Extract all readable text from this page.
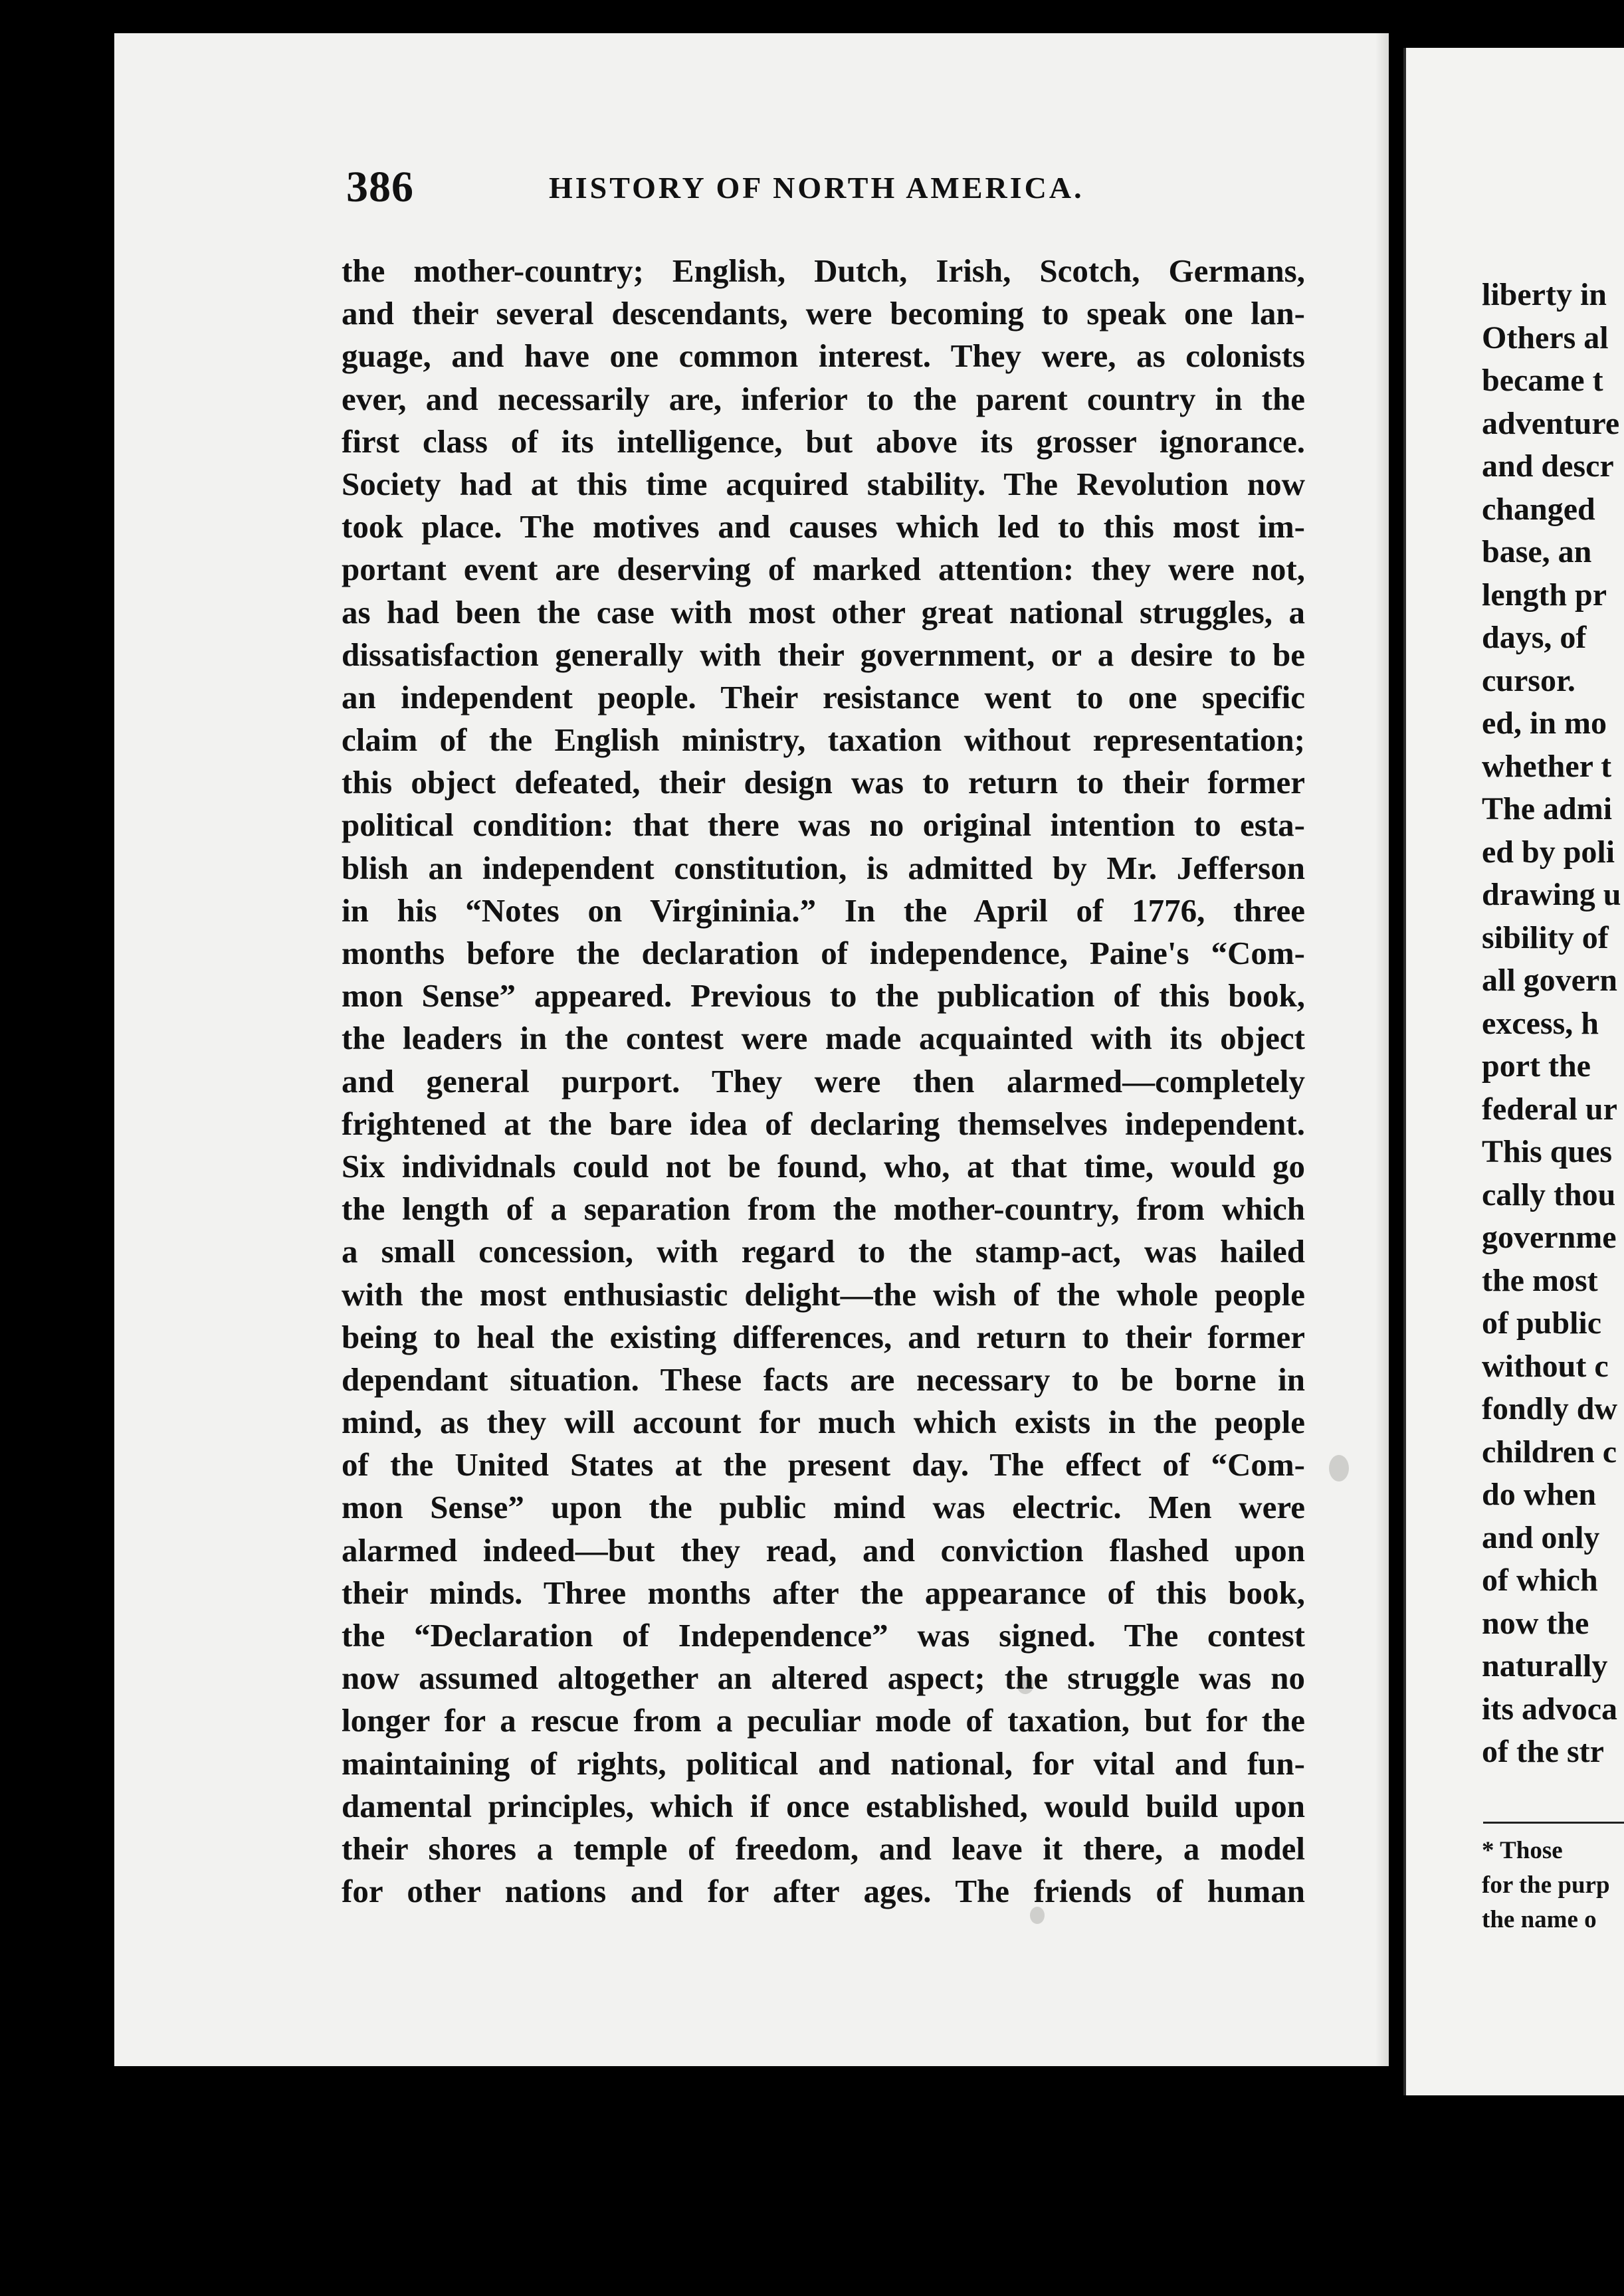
386	HISTORY OF NORTH AMERICA.
the mother-country; English, Dutch, Irish, Scotch, Germans,
and their several descendants, were becoming to speak one lan-
guage, and have one common interest. They were, as colonists
ever, and necessarily are, inferior to the parent country in the
first class of its intelligence, but above its grosser ignorance.
Society had at this time acquired stability. The Revolution now
took place. The motives and causes which led to this most im-
portant event are deserving of marked attention: they were not,
as had been the case with most other great national struggles, a
dissatisfaction generally with their government, or a desire to be
an independent people. Their resistance went to one specific
claim of the English ministry, taxation without representation;
this object defeated, their design was to return to their former
political condition: that there was no original intention to esta-
blish an independent constitution, is admitted by Mr. Jefferson
in his “Notes on Virgininia.” In the April of 1776, three
months before the declaration of independence, Paine's “Com-
mon Sense” appeared. Previous to the publication of this book,
the leaders in the contest were made acquainted with its object
and general purport. They were then alarmed—completely
frightened at the bare idea of declaring themselves independent.
Six individnals could not be found, who, at that time, would go
the length of a separation from the mother-country, from which
a small concession, with regard to the stamp-act, was hailed
with the most enthusiastic delight—the wish of the whole people
being to heal the existing differences, and return to their former
dependant situation. These facts are necessary to be borne in
mind, as they will account for much which exists in the people
of the United States at the present day. The effect of “Com-
mon Sense” upon the public mind was electric. Men were
alarmed indeed—but they read, and conviction flashed upon
their minds. Three months after the appearance of this book,
the “Declaration of Independence” was signed. The contest
now assumed altogether an altered aspect; the struggle was no
longer for a rescue from a peculiar mode of taxation, but for the
maintaining of rights, political and national, for vital and fun-
damental principles, which if once established, would build upon
their shores a temple of freedom, and leave it there, a model
for other nations and for after ages. The friends of human
liberty in
Others al
became t
adventure
and descr
changed
base, an
length pr
days, of
cursor.
ed, in mo
whether t
The admi
ed by poli
drawing u
sibility of
all govern
excess, h
port the
federal ur
This ques
cally thou
governme
the most
of public
without c
fondly dw
children c
do when
and only
of which
now the
naturally
its advoca
of the str
* Those
for the purp
the name o
